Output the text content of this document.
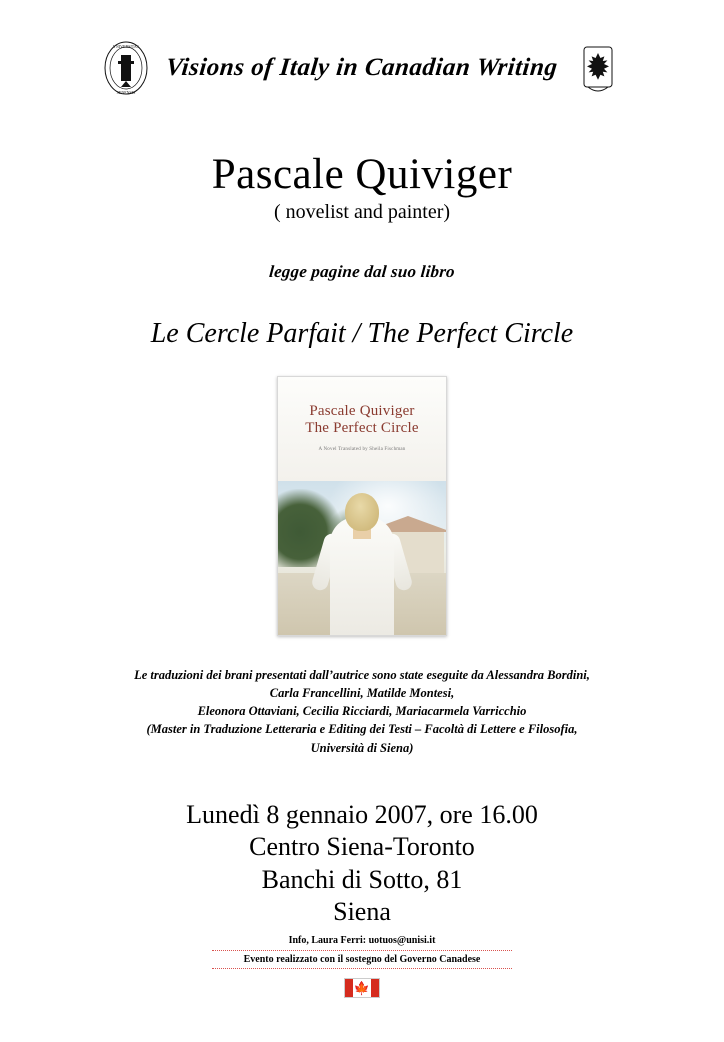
VNIVERSITAS
SENENSIS
Visions of Italy in Canadian Writing
Pascale Quiviger
( novelist and painter)
legge pagine dal suo libro
Le Cercle Parfait / The Perfect Circle
Pascale Quiviger
The Perfect Circle
A Novel Translated by Sheila Fischman
Le traduzioni dei brani presentati dall’autrice sono state eseguite da Alessandra Bordini,
Carla Francellini, Matilde Montesi,
Eleonora Ottaviani, Cecilia Ricciardi, Mariacarmela Varricchio
(Master in Traduzione Letteraria e Editing dei Testi – Facoltà di Lettere e Filosofia,
Università di Siena)
Lunedì 8 gennaio 2007, ore 16.00
Centro Siena-Toronto
Banchi di Sotto, 81
Siena
Info, Laura Ferri: uotuos@unisi.it
Evento realizzato con il sostegno del Governo Canadese
🍁
